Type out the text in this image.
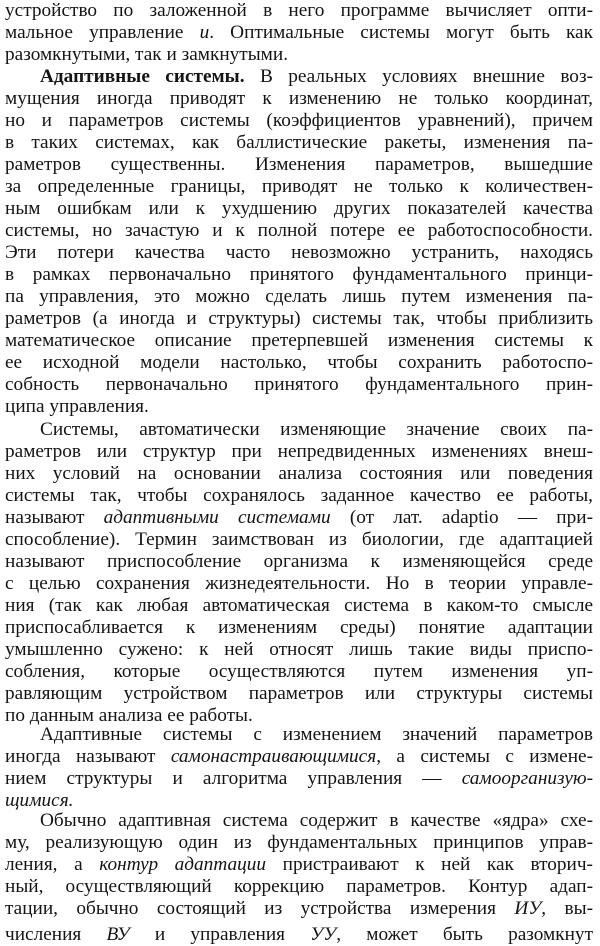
устройство по заложенной в него программе вычисляет опти-
мальное управление u. Оптимальные системы могут быть как
разомкнутыми, так и замкнутыми.
Адаптивные системы. В реальных условиях внешние воз-
мущения иногда приводят к изменению не только координат,
но и параметров системы (коэффициентов уравнений), причем
в таких системах, как баллистические ракеты, изменения па-
раметров существенны. Изменения параметров, вышедшие
за определенные границы, приводят не только к количествен-
ным ошибкам или к ухудшению других показателей качества
системы, но зачастую и к полной потере ее работоспособности.
Эти потери качества часто невозможно устранить, находясь
в рамках первоначально принятого фундаментального принци-
па управления, это можно сделать лишь путем изменения па-
раметров (а иногда и структуры) системы так, чтобы приблизить
математическое описание претерпевшей изменения системы к
ее исходной модели настолько, чтобы сохранить работоспо-
собность первоначально принятого фундаментального прин-
ципа управления.
Системы, автоматически изменяющие значение своих па-
раметров или структур при непредвиденных изменениях внеш-
них условий на основании анализа состояния или поведения
системы так, чтобы сохранялось заданное качество ее работы,
называют адаптивными системами (от лат. adaptio — при-
способление). Термин заимствован из биологии, где адаптацией
называют приспособление организма к изменяющейся среде
с целью сохранения жизнедеятельности. Но в теории управле-
ния (так как любая автоматическая система в каком-то смысле
приспосабливается к изменениям среды) понятие адаптации
умышленно сужено: к ней относят лишь такие виды приспо-
собления, которые осуществляются путем изменения уп-
равляющим устройством параметров или структуры системы
по данным анализа ее работы.
Адаптивные системы с изменением значений параметров
иногда называют самонастраивающимися, а системы с измене-
нием структуры и алгоритма управления — самоорганизую-
щимися.
Обычно адаптивная система содержит в качестве «ядра» схе-
му, реализующую один из фундаментальных принципов управ-
ления, а контур адаптации пристраивают к ней как вторич-
ный, осуществляющий коррекцию параметров. Контур адап-
тации, обычно состоящий из устройства измерения ИУ, вы-
числения ВУ и управления УУ, может быть разомкнут
